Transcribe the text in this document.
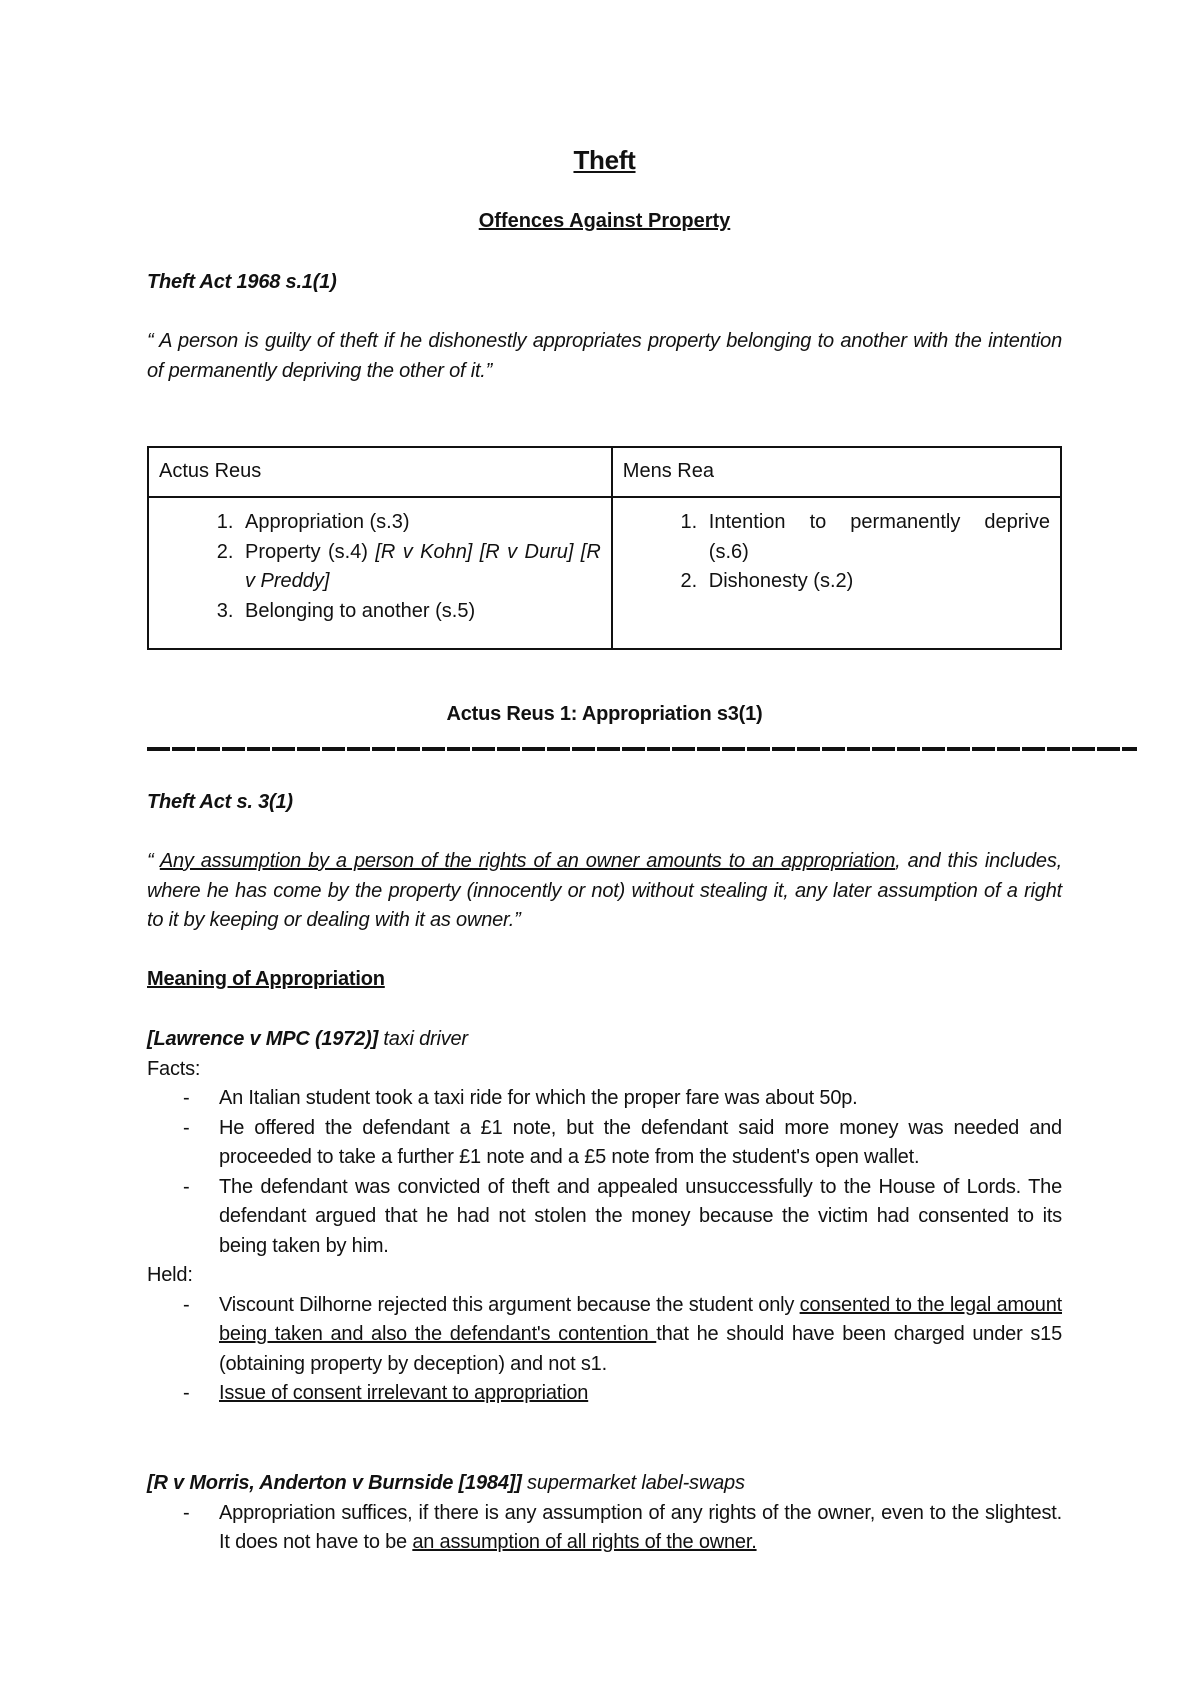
Theft
Offences Against Property
Theft Act 1968 s.1(1)
“ A person is guilty of theft if he dishonestly appropriates property belonging to another with the intention of permanently depriving the other of it.”
Actus Reus	Mens Rea

1. Appropriation (s.3)
2. Property (s.4) [R v Kohn] [R v Duru] [R v Preddy]
3. Belonging to another (s.5)

1. Intention to permanently deprive (s.6)
2. Dishonesty (s.2)
Actus Reus 1: Appropriation s3(1)
Theft Act s. 3(1)
“ Any assumption by a person of the rights of an owner amounts to an appropriation, and this includes, where he has come by the property (innocently or not) without stealing it, any later assumption of a right to it by keeping or dealing with it as owner.”
Meaning of Appropriation
[Lawrence v MPC (1972)] taxi driver
Facts:
- An Italian student took a taxi ride for which the proper fare was about 50p.
- He offered the defendant a £1 note, but the defendant said more money was needed and proceeded to take a further £1 note and a £5 note from the student's open wallet.
- The defendant was convicted of theft and appealed unsuccessfully to the House of Lords. The defendant argued that he had not stolen the money because the victim had consented to its being taken by him.
Held:
- Viscount Dilhorne rejected this argument because the student only consented to the legal amount being taken and also the defendant's contention that he should have been charged under s15 (obtaining property by deception) and not s1.
- Issue of consent irrelevant to appropriation
[R v Morris, Anderton v Burnside [1984]] supermarket label-swaps
- Appropriation suffices, if there is any assumption of any rights of the owner, even to the slightest. It does not have to be an assumption of all rights of the owner.
